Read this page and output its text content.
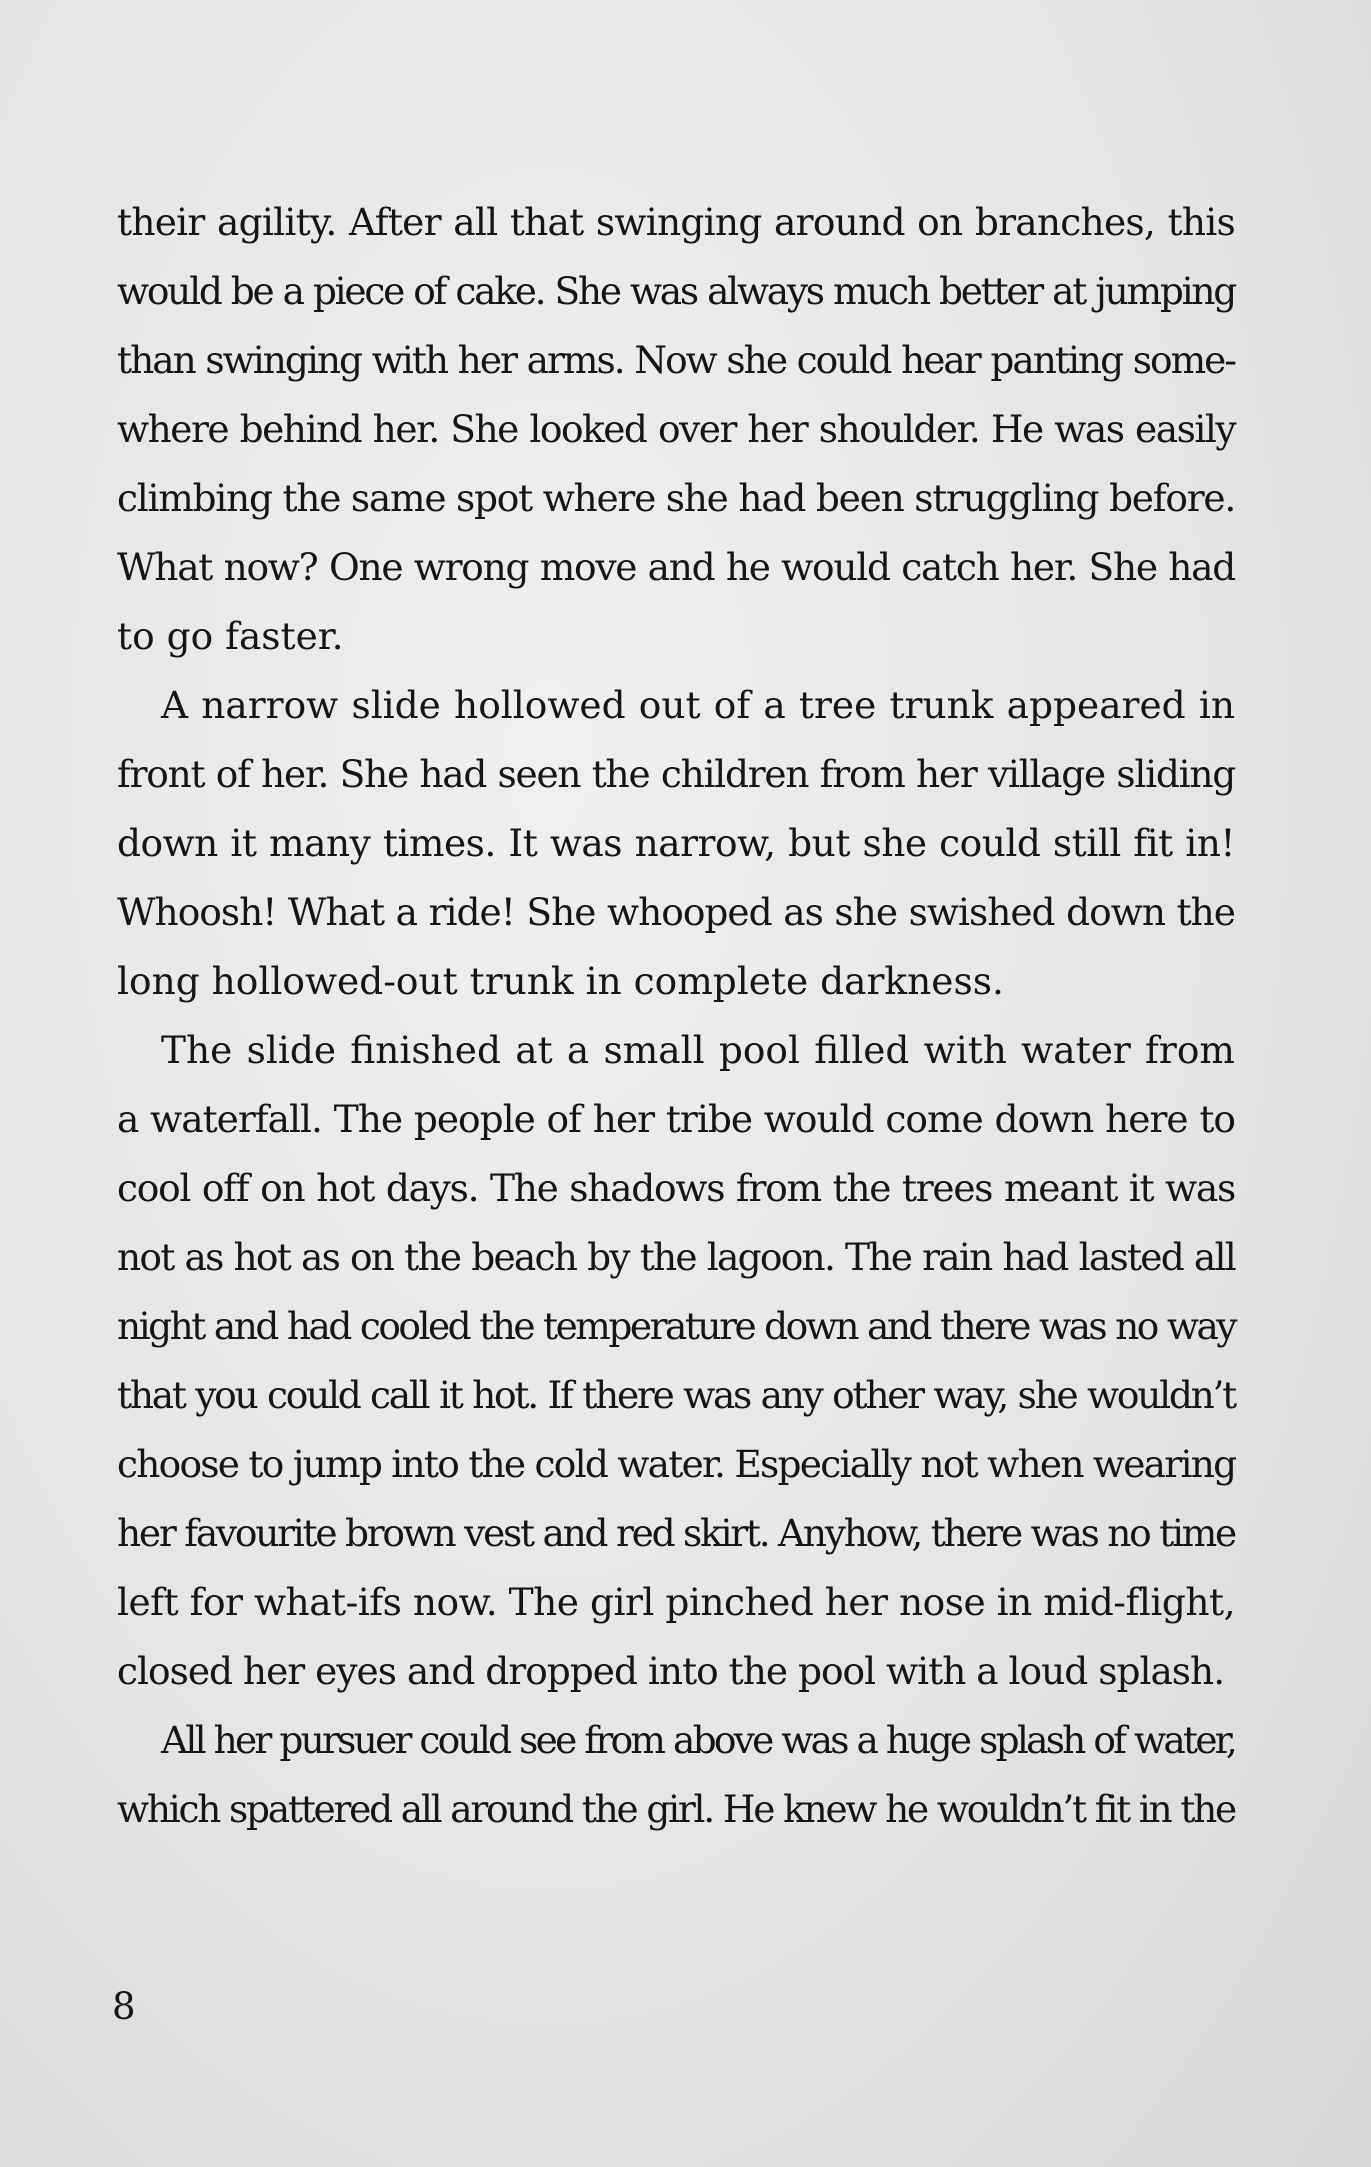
their agility. After all that swinging around on branches, this
would be a piece of cake. She was always much better at jumping
than swinging with her arms. Now she could hear panting some-
where behind her. She looked over her shoulder. He was easily
climbing the same spot where she had been struggling before.
What now? One wrong move and he would catch her. She had
to go faster.
A narrow slide hollowed out of a tree trunk appeared in
front of her. She had seen the children from her village sliding
down it many times. It was narrow, but she could still fit in!
Whoosh! What a ride! She whooped as she swished down the
long hollowed-out trunk in complete darkness.
The slide finished at a small pool filled with water from
a waterfall. The people of her tribe would come down here to
cool off on hot days. The shadows from the trees meant it was
not as hot as on the beach by the lagoon. The rain had lasted all
night and had cooled the temperature down and there was no way
that you could call it hot. If there was any other way, she wouldn’t
choose to jump into the cold water. Especially not when wearing
her favourite brown vest and red skirt. Anyhow, there was no time
left for what-ifs now. The girl pinched her nose in mid-flight,
closed her eyes and dropped into the pool with a loud splash.
All her pursuer could see from above was a huge splash of water,
which spattered all around the girl. He knew he wouldn’t fit in the
8
